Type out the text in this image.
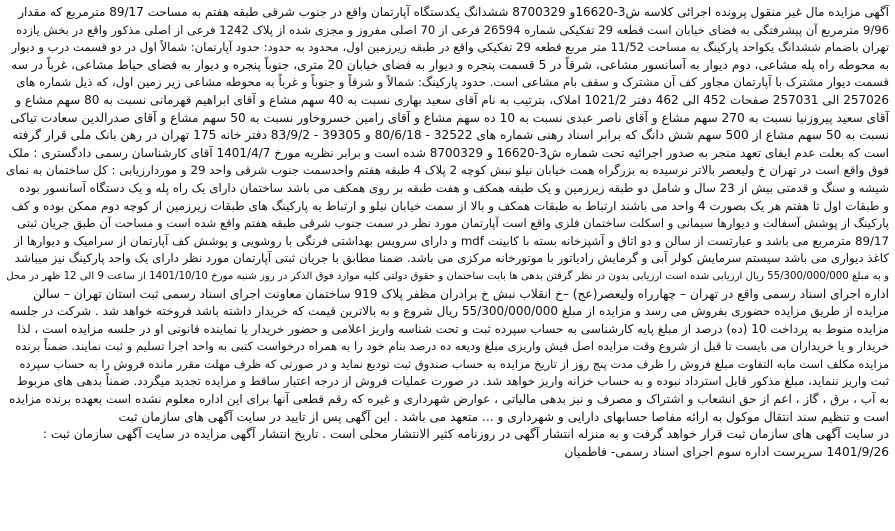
آگهی مزایده مال غیر منقول پرونده اجرائی کلاسه ش3-16620و 8700329 ششدانگ یکدستگاه آپارتمان واقع در جنوب شرقی طبقه هفتم به مساحت 89/17 مترمربع که مقدار
9/96 مترمربع آن پیشرفتگی به فضای خیابان است قطعه 29 تفکیکی شماره 26594 فرعی از 70 اصلی مفروز و مجزی شده از پلاک 1242 فرعی از اصلی مذکور واقع در بخش یازده
تهران باضمام ششدانگ یکواحد پارکینگ به مساحت 11/52 متر مربع قطعه 29 تفکیکی واقع در طبقه زیرزمین اول، محدود به حدود: حدود آپارتمان: شمالاً اول در دو قسمت درب و دیوار
به محوطه راه پله مشاعی، دوم دیوار به آسانسور مشاعی، شرقاً در 5 قسمت پنجره و دیوار به فضای خیابان 20 متری، جنوباً پنجره و دیوار به فضای حیاط مشاعی، غرباً در سه
قسمت دیوار مشترک با آپارتمان مجاور کف آن مشترک و سقف بام مشاعی است. حدود پارکینگ: شمالاً و شرقاً و جنوباً و غرباً به محوطه مشاعی زیر زمین اول، که ذیل شماره های
257026 الی 257031 صفحات 452 الی 462 دفتر 1021/2 املاک، بترتیب به نام آقای سعید بهاری نسبت به 40 سهم مشاع و آقای ابراهیم قهرمانی نسبت به 80 سهم مشاع و
آقای سعید پیروزنیا نسبت به 270 سهم مشاع و آقای ناصر عبدی نسبت به 10 ده سهم مشاع و آقای رامین خسروخاور نسبت به 50 سهم مشاع و آقای صدرالدین سعادت تیاکی
نسبت به 50 سهم مشاع از 500 سهم شش دانگ که برابر اسناد رهنی شماره های 32522 - 80/6/18 و 39305 - 83/9/2 دفتر خانه 175 تهران در رهن بانک ملی قرار گرفته
است که بعلت عدم ایفای تعهد منجر به صدور اجرائیه تحت شماره ش3-16620 و 8700329 شده است و برابر نظریه مورخ 1401/4/7 آقای کارشناسان رسمی دادگستری : ملک
فوق واقع است در تهران خ ولیعصر بالاتر نرسیده به بزرگراه همت خیابان نیلو نبش کوچه 2 پلاک 4 طبقه هفتم واحدسمت جنوب شرقی واحد 29 و موردارزیابی : کل ساختمان به نمای
شیشه و سنگ و قدمتی بیش از 23 سال و شامل دو طبقه زیرزمین و یک طبقه همکف و هفت طبقه بر روی همکف می باشد ساختمان دارای یک راه پله و یک دستگاه آسانسور بوده
و طبقات اول تا هفتم هر یک بصورت 4 واحد می باشند ارتباط به طبقات همکف و بالا از سمت خیابان نیلو و ارتباط به پارکینگ های طبقات زیرزمین از کوچه دوم ممکن بوده و کف
پارکینگ از پوشش آسفالت و دیوارها سیمانی و اسکلت ساختمان فلزی واقع است آپارتمان مورد نظر در سمت جنوب شرقی طبقه هفتم واقع شده است و مساحت آن طبق جریان ثبتی
89/17 مترمربع می باشد و عبارتست از سالن و دو اتاق و آشپزخانه بسته با کابینت mdf و دارای سرویس بهداشتی فرنگی با روشویی و پوشش کف آپارتمان از سرامیک و دیوارها از
کاغذ دیواری می باشد سیستم سرمایش کولر آبی و گرمایش رادیاتور با موتورخانه مرکزی می باشد. ضمنا مطابق با جریان ثبتی آپارتمان مورد نظر دارای یک واحد پارکینگ نیز میباشد
و به مبلغ 55/300/000/000 ریال ارزیابی شده است ارزیابی بدون در نظر گرفتن بدهی ها بابت ساختمان و حقوق دولتی کلیه موارد فوق الذکر در روز شنبه مورخ 1401/10/10 از ساعت 9 الی 12 ظهر در محل
اداره اجرای اسناد رسمی واقع در تهران – چهارراه ولیعصر(عج) –خ انقلاب نبش خ برادران مظفر پلاک 919 ساختمان معاونت اجرای اسناد رسمی ثبت استان تهران – سالن
مزایده از طریق مزایده حضوری بفروش می رسد و مزایده از مبلغ 55/300/000/000 ریال شروع و به بالاترین قیمت که خریدار داشته باشد فروخته خواهد شد . شرکت در جلسه
مزایده منوط به پرداخت 10 (ده) درصد از مبلغ پایه کارشناسی به حساب سپرده ثبت و تحت شناسه واریز اعلامی و حضور خریدار یا نماینده قانونی او در جلسه مزایده است ، لذا
خریدار و یا خریداران می بایست تا قبل از شروع وقت مزایده اصل فیش واریزی مبلغ ودیعه ده درصد بنام خود را به همراه درخواست کتبی به واحد اجرا تسلیم و ثبت نمایند. ضمناً برنده
مزایده مکلف است مابه التفاوت مبلغ فروش را ظرف مدت پنج روز از تاریخ مزایده به حساب صندوق ثبت تودیع نماید و در صورتی که ظرف مهلت مقرر مانده فروش را به حساب سپرده
ثبت واریز ننماید، مبلغ مذکور قابل استرداد نبوده و به حساب خزانه واریز خواهد شد. در صورت عملیات فروش از درجه اعتبار ساقط و مزایده تجدید میگردد. ضمناً بدهی های مربوط
به آب ، برق ، گاز ، اعم از حق انشعاب و اشتراک و مصرف و نیز بدهی مالیاتی ، عوارض شهرداری و غیره که رقم قطعی آنها برای این اداره معلوم نشده است بعهده برنده مزایده
است و تنظیم سند انتقال موکول به ارائه مفاصا حسابهای دارایی و شهرداری و ... متعهد می باشد . این آگهی پس از تایید در سایت آگهی های سازمان ثبت
در سایت آگهی های سازمان ثبت قرار خواهد گرفت و به منزله انتشار آگهی در روزنامه کثیر الانتشار محلی است . تاریخ انتشار آگهی مزایده در سایت آگهی سازمان ثبت :
1401/9/26 سرپرست اداره سوم اجرای اسناد رسمی- فاطمیان
